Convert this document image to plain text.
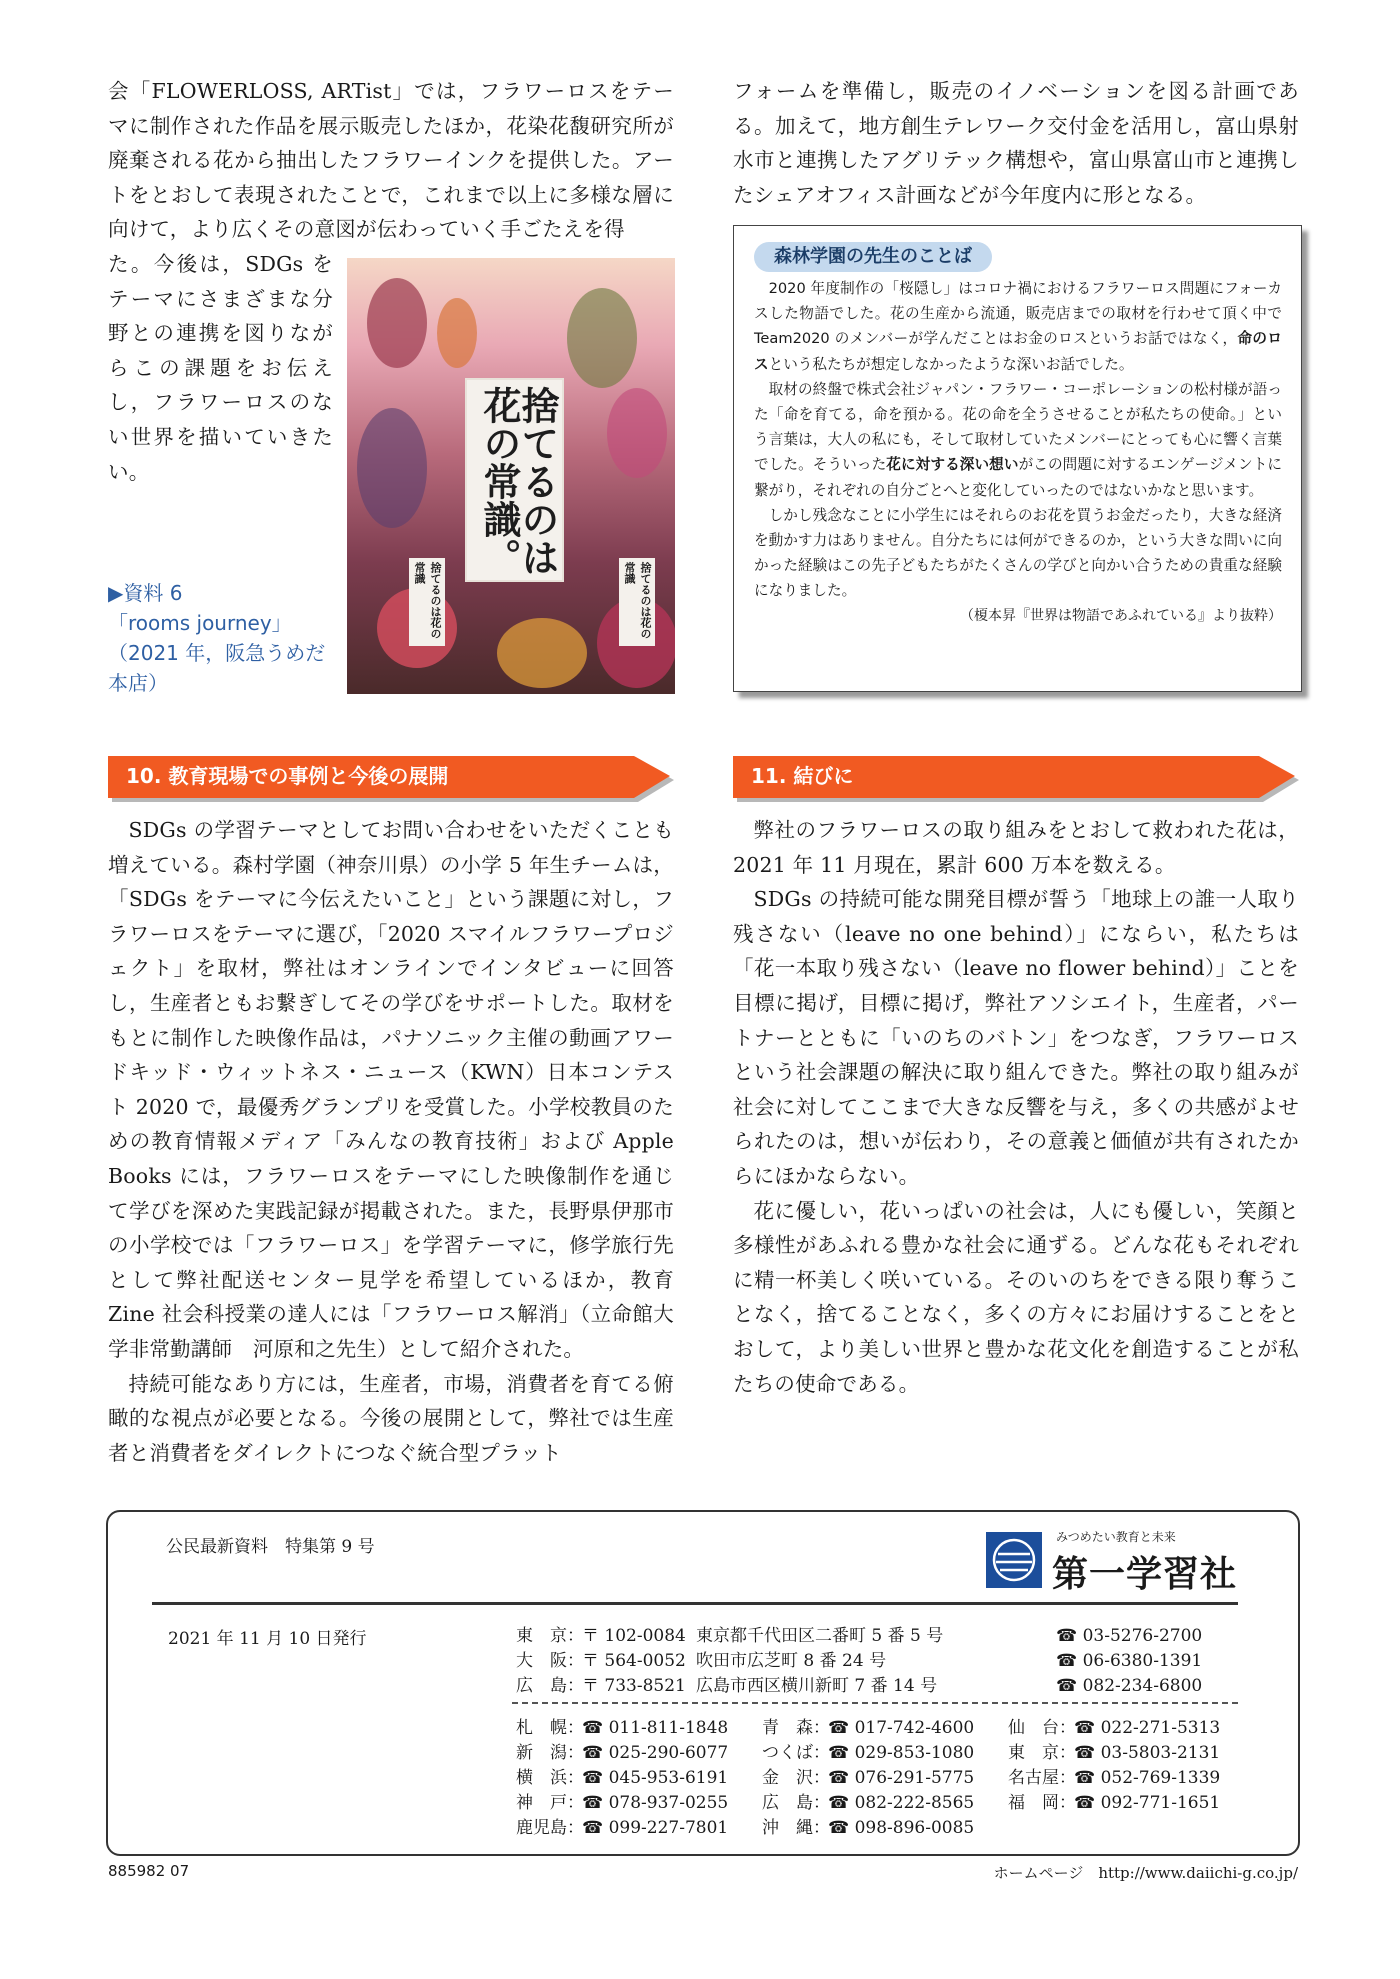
会「FLOWERLOSS, ARTist」では，フラワーロスをテーマに制作された作品を展示販売したほか，花染花馥研究所が廃棄される花から抽出したフラワーインクを提供した。アートをとおして表現されたことで，これまで以上に多様な層に向けて，より広くその意図が伝わっていく手ごたえを得

た。今後は，SDGs をテーマにさまざまな分野との連携を図りながらこの課題をお伝えし，フラワーロスのない世界を描いていきたい。	捨てるのは花の常識。
捨てるのは花の常識	捨てるのは花の常識
▶資料 6
「rooms journey」
（2021 年，阪急うめだ本店）

フォームを準備し，販売のイノベーションを図る計画である。加えて，地方創生テレワーク交付金を活用し，富山県射水市と連携したアグリテック構想や，富山県富山市と連携したシェアオフィス計画などが今年度内に形となる。

森林学園の先生のことば

2020 年度制作の「桜隠し」はコロナ禍におけるフラワーロス問題にフォーカスした物語でした。花の生産から流通，販売店までの取材を行わせて頂く中で Team2020 のメンバーが学んだことはお金のロスというお話ではなく，命のロスという私たちが想定しなかったような深いお話でした。

取材の終盤で株式会社ジャパン・フラワー・コーポレーションの松村様が語った「命を育てる，命を預かる。花の命を全うさせることが私たちの使命。」という言葉は，大人の私にも，そして取材していたメンバーにとっても心に響く言葉でした。そういった花に対する深い想いがこの問題に対するエンゲージメントに繋がり，それぞれの自分ごとへと変化していったのではないかなと思います。

しかし残念なことに小学生にはそれらのお花を買うお金だったり，大きな経済を動かす力はありません。自分たちには何ができるのか，という大きな問いに向かった経験はこの先子どもたちがたくさんの学びと向かい合うための貴重な経験になりました。

（榎本昇『世界は物語であふれている』より抜粋）

10. 教育現場での事例と今後の展開

SDGs の学習テーマとしてお問い合わせをいただくことも増えている。森村学園（神奈川県）の小学 5 年生チームは，「SDGs をテーマに今伝えたいこと」という課題に対し，フラワーロスをテーマに選び，「2020 スマイルフラワープロジェクト」を取材，弊社はオンラインでインタビューに回答し，生産者ともお繋ぎしてその学びをサポートした。取材をもとに制作した映像作品は，パナソニック主催の動画アワードキッド・ウィットネス・ニュース（KWN）日本コンテスト 2020 で，最優秀グランプリを受賞した。小学校教員のための教育情報メディア「みんなの教育技術」および Apple Books には，フラワーロスをテーマにした映像制作を通じて学びを深めた実践記録が掲載された。また，長野県伊那市の小学校では「フラワーロス」を学習テーマに，修学旅行先として弊社配送センター見学を希望しているほか，教育 Zine 社会科授業の達人には「フラワーロス解消」（立命館大学非常勤講師　河原和之先生）として紹介された。

持続可能なあり方には，生産者，市場，消費者を育てる俯瞰的な視点が必要となる。今後の展開として，弊社では生産者と消費者をダイレクトにつなぐ統合型プラット

11. 結びに

弊社のフラワーロスの取り組みをとおして救われた花は，2021 年 11 月現在，累計 600 万本を数える。

SDGs の持続可能な開発目標が誓う「地球上の誰一人取り残さない（leave no one behind）」にならい，私たちは「花一本取り残さない（leave no flower behind）」ことを目標に掲げ，目標に掲げ，弊社アソシエイト，生産者，パートナーとともに「いのちのバトン」をつなぎ，フラワーロスという社会課題の解決に取り組んできた。弊社の取り組みが社会に対してここまで大きな反響を与え，多くの共感がよせられたのは，想いが伝わり，その意義と価値が共有されたからにほかならない。

花に優しい，花いっぱいの社会は，人にも優しい，笑顔と多様性があふれる豊かな社会に通ずる。どんな花もそれぞれに精一杯美しく咲いている。そのいのちをできる限り奪うことなく，捨てることなく，多くの方々にお届けすることをとおして，より美しい世界と豊かな花文化を創造することが私たちの使命である。

公民最新資料　特集第 9 号	みつめたい教育と未来
第一学習社
2021 年 11 月 10 日発行	東　京：〒 102-0084 東京都千代田区二番町 5 番 5 号	☎ 03-5276-2700
大　阪：〒 564-0052 吹田市広芝町 8 番 24 号	☎ 06-6380-1391
広　島：〒 733-8521 広島市西区横川新町 7 番 14 号	☎ 082-234-6800
札　幌：☎ 011-811-1848 青　森：☎ 017-742-4600 仙　台：☎ 022-271-5313
新　潟：☎ 025-290-6077 つくば：☎ 029-853-1080 東　京：☎ 03-5803-2131
横　浜：☎ 045-953-6191 金　沢：☎ 076-291-5775 名古屋：☎ 052-769-1339
神　戸：☎ 078-937-0255 広　島：☎ 082-222-8565 福　岡：☎ 092-771-1651
鹿児島：☎ 099-227-7801 沖　縄：☎ 098-896-0085
885982 07	ホームページ　http://www.daiichi-g.co.jp/
